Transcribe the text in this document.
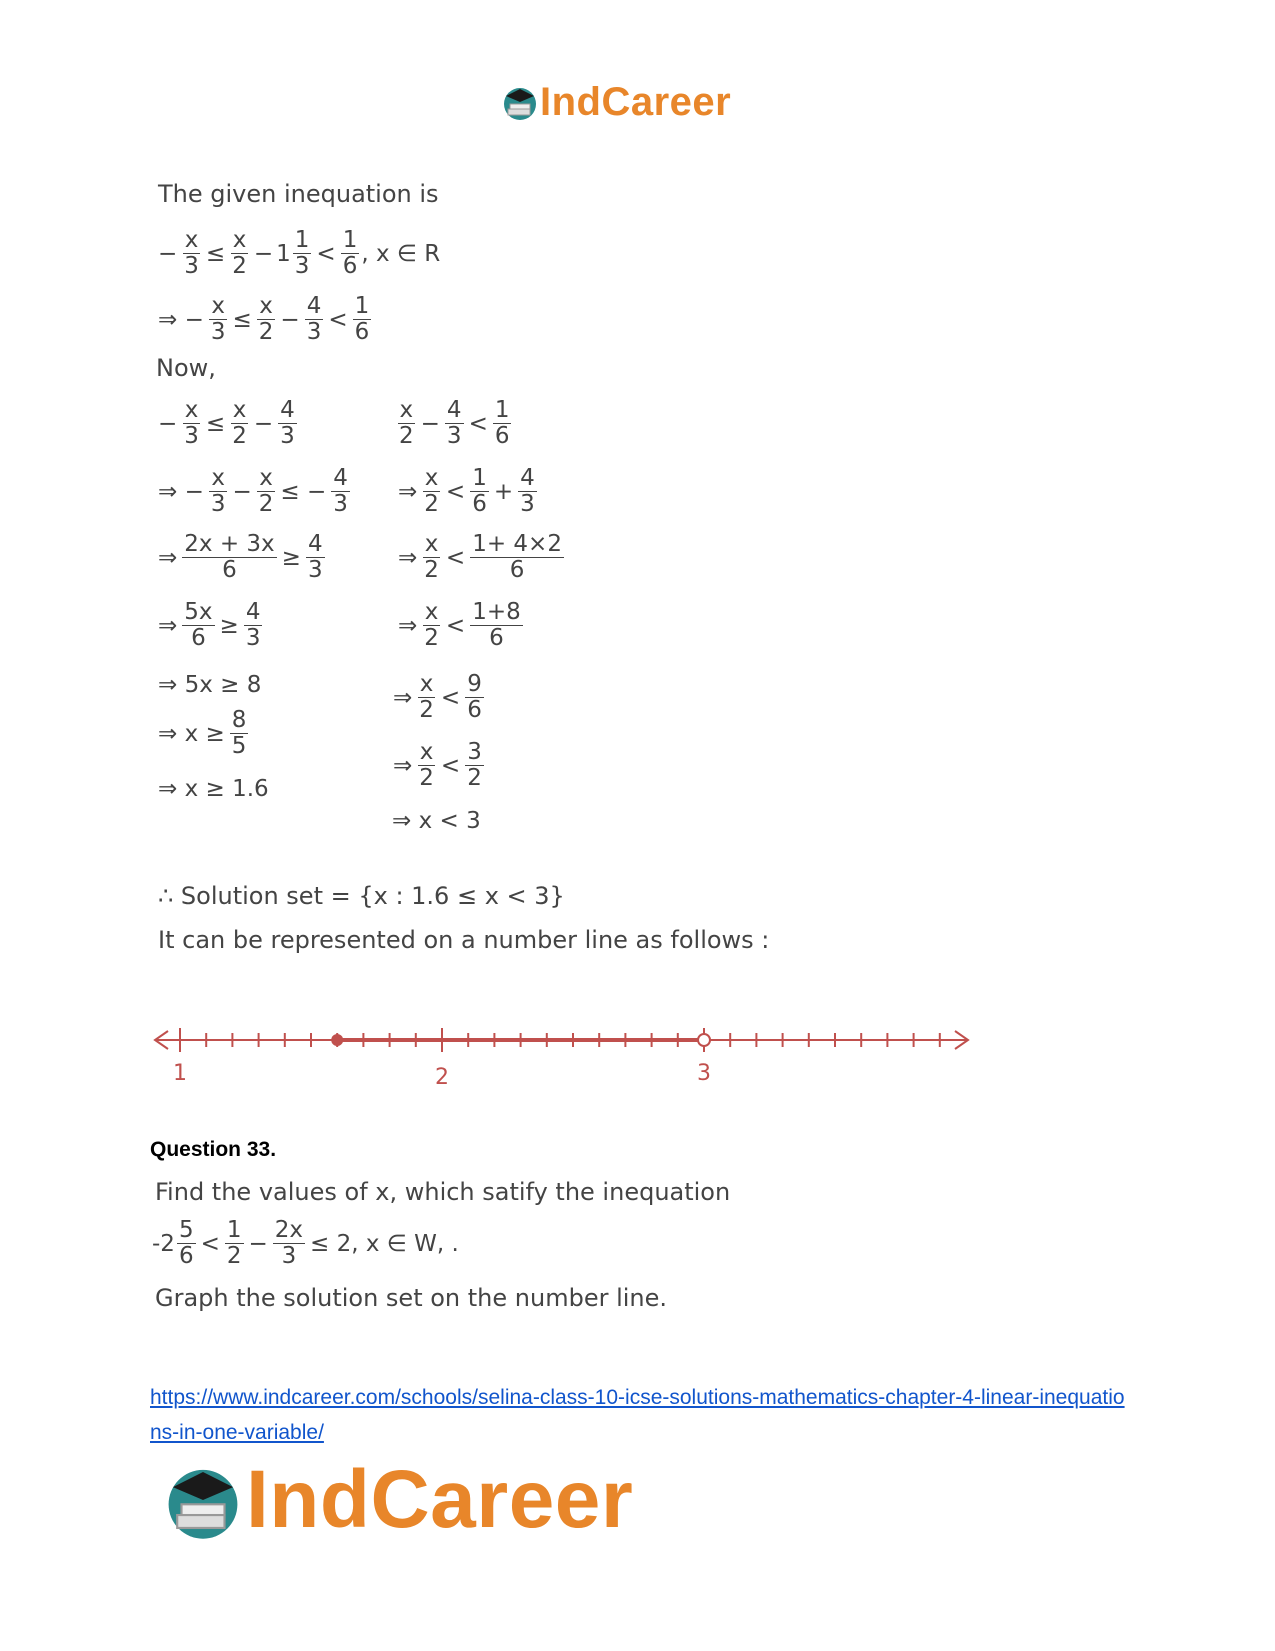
IndCareer
The given inequation is
− $\frac{x}{3} \le \frac{x}{2} - 1 \frac{1}{3} < \frac{1}{6}$ , x ∈ R
⇒ − $\frac{x}{3} \le \frac{x}{2} - \frac{4}{3} < \frac{1}{6}$
Now,
− $\frac{x}{3} \le \frac{x}{2} - \frac{4}{3}$
⇒ − $\frac{x}{3} - \frac{x}{2}$ ≤ − $\frac{4}{3}$
⇒ $\frac{2x + 3x}{6} \ge \frac{4}{3}$
⇒ $\frac{5x}{6} \ge \frac{4}{3}$
⇒ 5x ≥ 8
⇒ $x \ge \frac{8}{5}$
⇒ x ≥ 1.6
$\frac{x}{2} - \frac{4}{3} < \frac{1}{6}$
⇒ $\frac{x}{2} < \frac{1}{6} + \frac{4}{3}$
⇒ $\frac{x}{2} < \frac{1+ 4\times 2}{6}$
⇒ $\frac{x}{2} < \frac{1+8}{6}$
⇒ $\frac{x}{2} < \frac{9}{6}$
⇒ $\frac{x}{2} < \frac{3}{2}$
⇒ x < 3
∴ Solution set = {x : 1.6 ≤ x < 3}
It can be represented on a number line as follows :
1	2	3
Question 33.
Find the values of x, which satify the inequation
$-2 \frac{5}{6} < \frac{1}{2} - \frac{2x}{3} \le 2$, x ∈ W, .
Graph the solution set on the number line.
https://www.indcareer.com/schools/selina-class-10-icse-solutions-mathematics-chapter-4-linear-inequations-in-one-variable/
IndCareer
